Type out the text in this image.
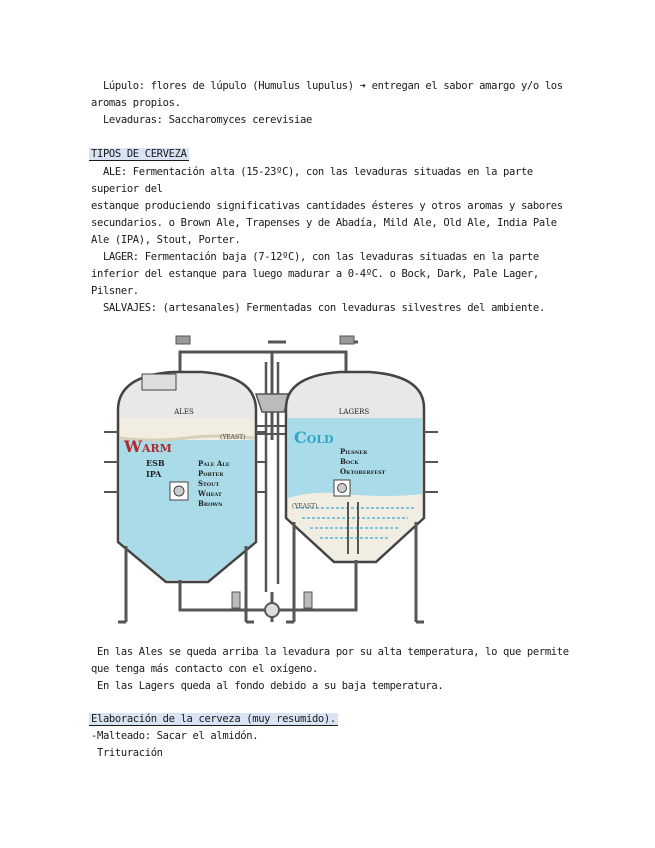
Lúpulo: flores de lúpulo (Humulus lupulus) ➔ entregan el sabor amargo y/o los
aromas propios.
Levaduras: Saccharomyces cerevisiae
TIPOS DE CERVEZA
ALE: Fermentación alta (15-23ºC), con las levaduras situadas en la parte
superior del
estanque produciendo significativas cantidades ésteres y otros aromas y sabores
secundarios. o Brown Ale, Trapenses y de Abadía, Mild Ale, Old Ale, India Pale
Ale (IPA), Stout, Porter.
LAGER: Fermentación baja (7-12ºC), con las levaduras situadas en la parte
inferior del estanque para luego madurar a 0-4ºC. o Bock, Dark, Pale Lager,
Pilsner.
SALVAJES: (artesanales) Fermentadas con levaduras silvestres del ambiente.
ALES
(YEAST)
Warm
ESB
IPA
Pale Ale
Porter
Stout
Wheat
Brown
LAGERS
Cold
Pilsner
Bock
Oktoberfest
(YEAST)
En las Ales se queda arriba la levadura por su alta temperatura, lo que permite
que tenga más contacto con el oxígeno.
En las Lagers queda al fondo debido a su baja temperatura.
Elaboración de la cerveza (muy resumido).
-Malteado: Sacar el almidón.
Trituración
